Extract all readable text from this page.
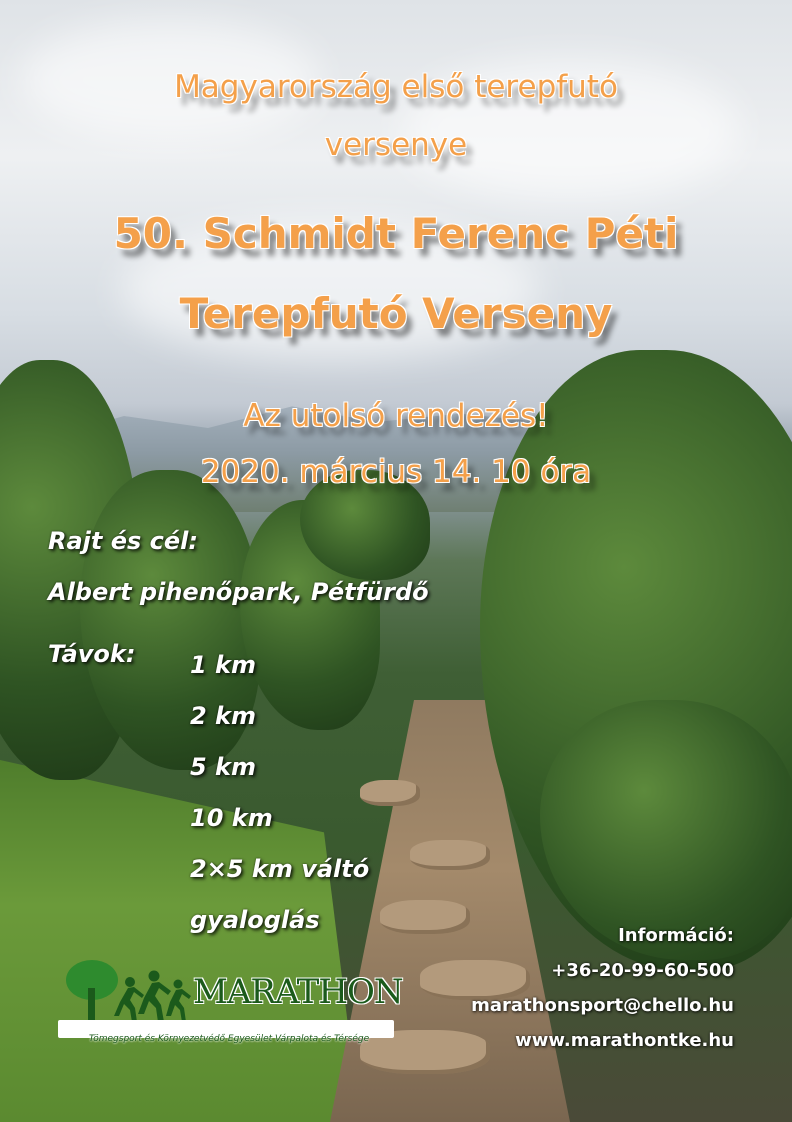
Magyarország első terepfutó versenye

50. Schmidt Ferenc Péti Terepfutó Verseny

Az utolsó rendezés!

2020. március 14. 10 óra

Rajt és cél:

Albert pihenőpark, Pétfürdő

Távok: 1 km
2 km
5 km
10 km
2×5 km váltó
gyaloglás
MARATHON
Tömegsport és Környezetvédő Egyesület Várpalota és Térsége
Információ:
+36-20-99-60-500
marathonsport@chello.hu
www.marathontke.hu
